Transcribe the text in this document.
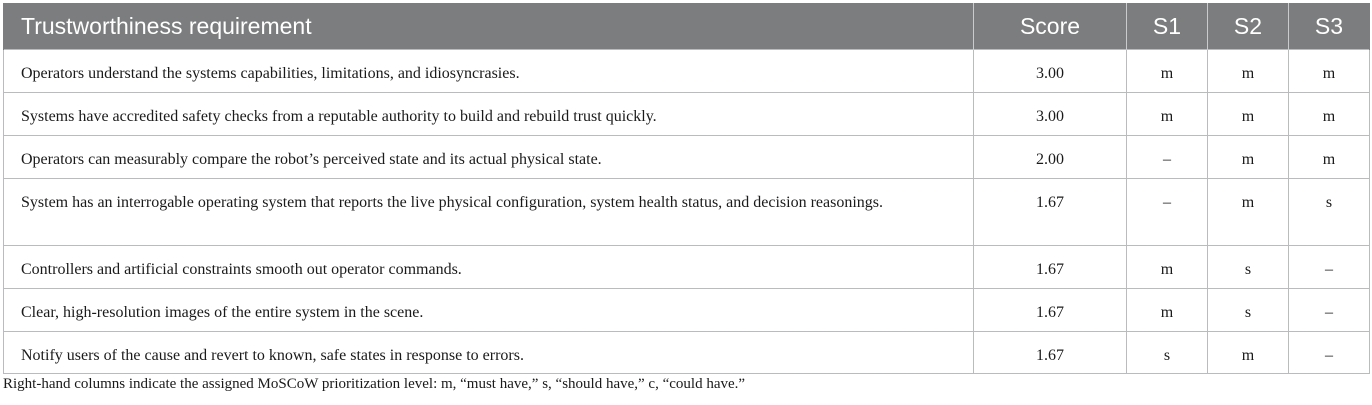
Trustworthiness requirement	Score	S1	S2	S3
Operators understand the systems capabilities, limitations, and idiosyncrasies.	3.00	m	m	m
Systems have accredited safety checks from a reputable authority to build and rebuild trust quickly.	3.00	m	m	m
Operators can measurably compare the robot’s perceived state and its actual physical state.	2.00	–	m	m
System has an interrogable operating system that reports the live physical configuration, system health status, and decision reasonings.	1.67	–	m	s
Controllers and artificial constraints smooth out operator commands.	1.67	m	s	–
Clear, high-resolution images of the entire system in the scene.	1.67	m	s	–
Notify users of the cause and revert to known, safe states in response to errors.	1.67	s	m	–
Right-hand columns indicate the assigned MoSCoW prioritization level: m, “must have,” s, “should have,” c, “could have.”
